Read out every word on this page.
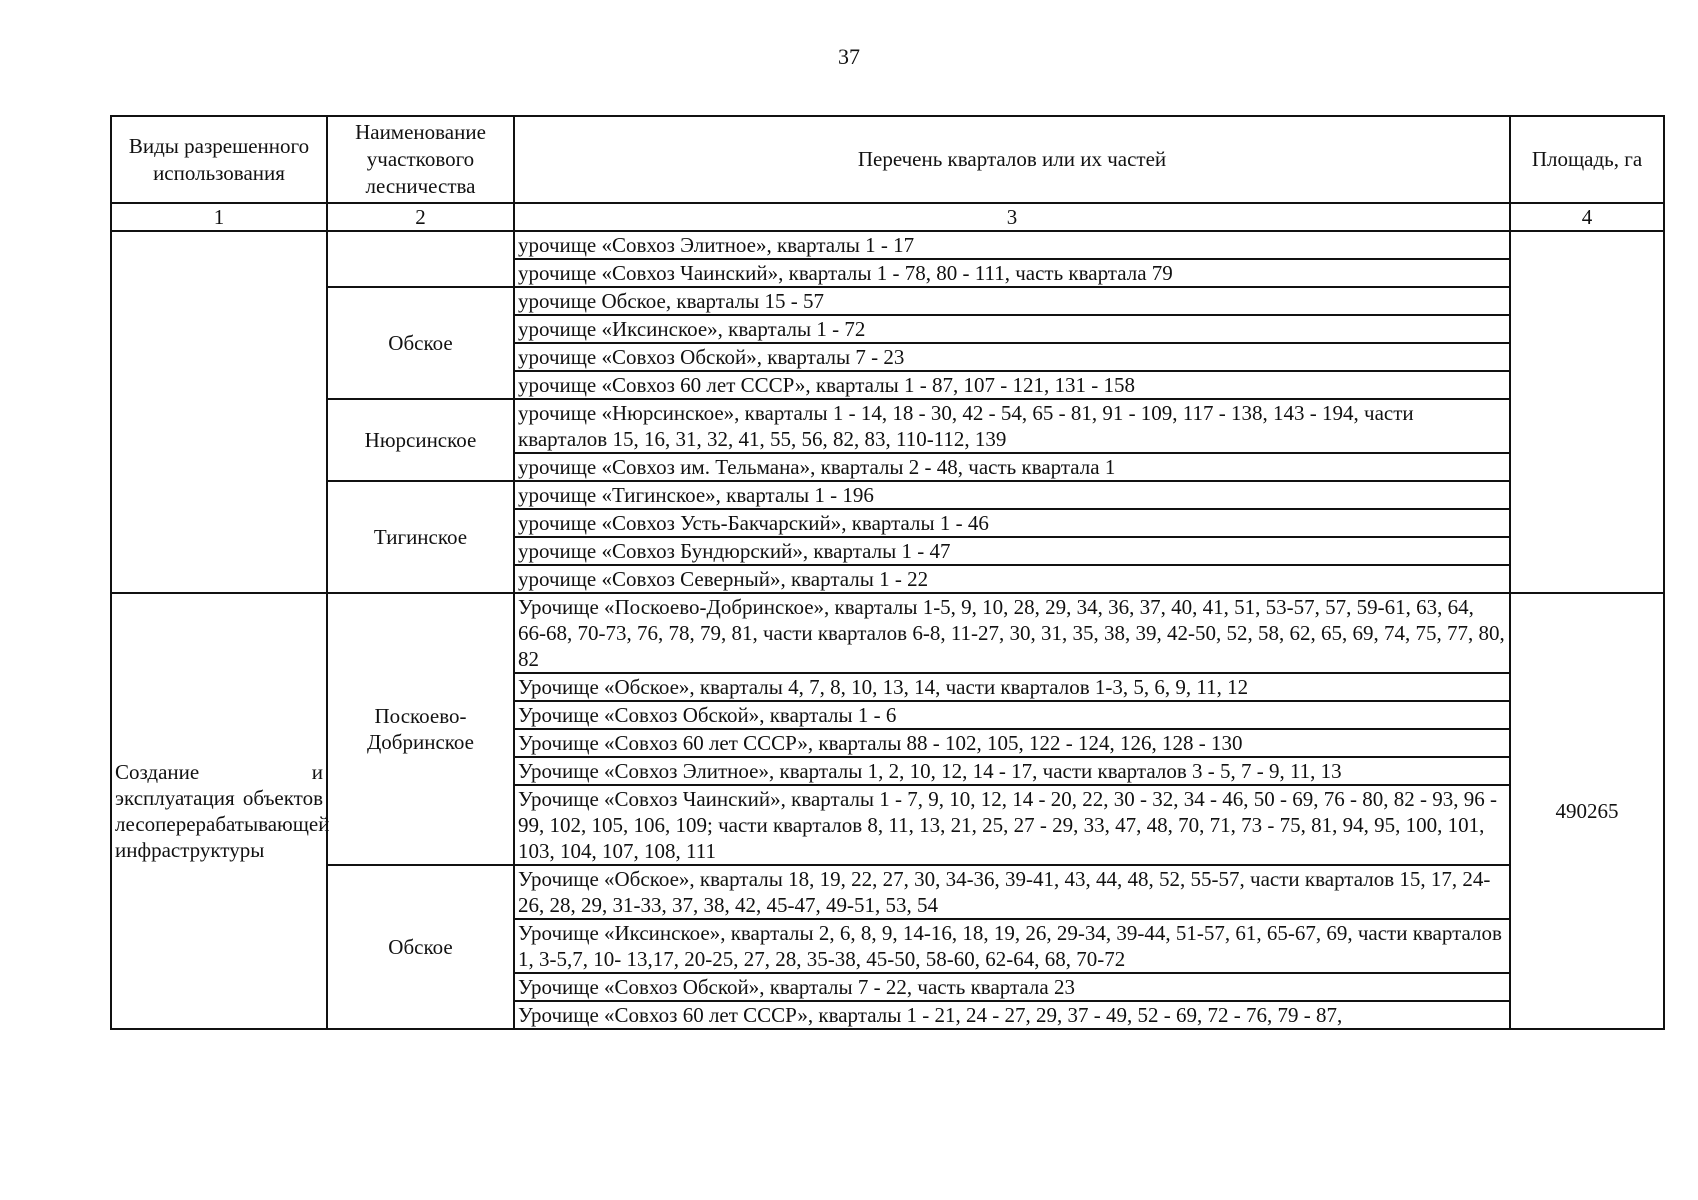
37
Виды разрешенного использования	Наименование участкового лесничества	Перечень кварталов или их частей	Площадь, га
1	2	3	4
		урочище «Совхоз Элитное», кварталы 1 - 17	
		урочище «Совхоз Чаинский», кварталы 1 - 78, 80 - 111, часть квартала 79	
	Обское	урочище Обское, кварталы 15 - 57	
		урочище «Иксинское», кварталы 1 - 72	
		урочище «Совхоз Обской», кварталы 7 - 23	
		урочище «Совхоз 60 лет СССР», кварталы 1 - 87, 107 - 121, 131 - 158	
	Нюрсинское	урочище «Нюрсинское», кварталы 1 - 14, 18 - 30, 42 - 54, 65 - 81, 91 - 109, 117 - 138, 143 - 194, части кварталов 15, 16, 31, 32, 41, 55, 56, 82, 83, 110-112, 139	
		урочище «Совхоз им. Тельмана», кварталы 2 - 48, часть квартала 1	
	Тигинское	урочище «Тигинское», кварталы 1 - 196	
		урочище «Совхоз Усть-Бакчарский», кварталы 1 - 46	
		урочище «Совхоз Бундюрский», кварталы 1 - 47	
		урочище «Совхоз Северный», кварталы 1 - 22	

Создание и эксплуатация объектов лесоперерабатывающей инфраструктуры	Поскоево-Добринское	Урочище «Поскоево-Добринское», кварталы 1-5, 9, 10, 28, 29, 34, 36, 37, 40, 41, 51, 53-57, 57, 59-61, 63, 64, 66-68, 70-73, 76, 78, 79, 81, части кварталов 6-8, 11-27, 30, 31, 35, 38, 39, 42-50, 52, 58, 62, 65, 69, 74, 75, 77, 80, 82	490265
		Урочище «Обское», кварталы 4, 7, 8, 10, 13, 14, части кварталов 1-3, 5, 6, 9, 11, 12	
		Урочище «Совхоз Обской», кварталы 1 - 6	
		Урочище «Совхоз 60 лет СССР», кварталы 88 - 102, 105, 122 - 124, 126, 128 - 130	
		Урочище «Совхоз Элитное», кварталы 1, 2, 10, 12, 14 - 17, части кварталов 3 - 5, 7 - 9, 11, 13	
		Урочище «Совхоз Чаинский», кварталы 1 - 7, 9, 10, 12, 14 - 20, 22, 30 - 32, 34 - 46, 50 - 69, 76 - 80, 82 - 93, 96 - 99, 102, 105, 106, 109; части кварталов 8, 11, 13, 21, 25, 27 - 29, 33, 47, 48, 70, 71, 73 - 75, 81, 94, 95, 100, 101, 103, 104, 107, 108, 111	
	Обское	Урочище «Обское», кварталы 18, 19, 22, 27, 30, 34-36, 39-41, 43, 44, 48, 52, 55-57, части кварталов 15, 17, 24-26, 28, 29, 31-33, 37, 38, 42, 45-47, 49-51, 53, 54	
		Урочище «Иксинское», кварталы 2, 6, 8, 9, 14-16, 18, 19, 26, 29-34, 39-44, 51-57, 61, 65-67, 69, части кварталов 1, 3-5,7, 10- 13,17, 20-25, 27, 28, 35-38, 45-50, 58-60, 62-64, 68, 70-72	
		Урочище «Совхоз Обской», кварталы 7 - 22, часть квартала 23	
		Урочище «Совхоз 60 лет СССР», кварталы 1 - 21, 24 - 27, 29, 37 - 49, 52 - 69, 72 - 76, 79 - 87,	
